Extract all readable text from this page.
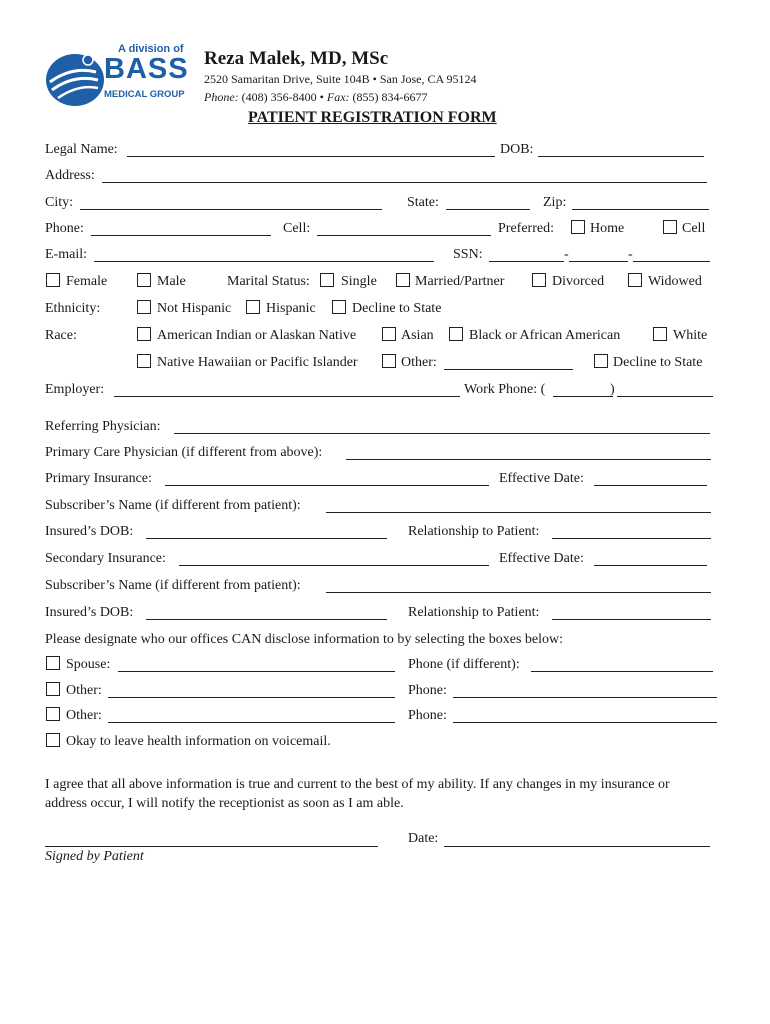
A division of
BASS
MEDICAL GROUP
Reza Malek, MD, MSc
2520 Samaritan Drive, Suite 104B • San Jose, CA 95124
Phone: (408) 356-8400 • Fax: (855) 834-6677
PATIENT REGISTRATION FORM
Legal Name:	DOB:
Address:
City:	State:	Zip:
Phone:	Cell:	Preferred:	Home	Cell
E-mail:	SSN:	-	-
Female	Male	Marital Status: Single	Married/Partner	Divorced	Widowed
Ethnicity:	Not Hispanic Hispanic	Decline to State
Race:	American Indian or Alaskan Native	Asian	Black or African American	White
Native Hawaiian or Pacific Islander	Other:	Decline to State
Employer:	Work Phone: (	)
Referring Physician:
Primary Care Physician (if different from above):
Primary Insurance:	Effective Date:
Subscriber’s Name (if different from patient):
Insured’s DOB:	Relationship to Patient:
Secondary Insurance:	Effective Date:
Subscriber’s Name (if different from patient):
Insured’s DOB:	Relationship to Patient:
Please designate who our offices CAN disclose information to by selecting the boxes below:
Spouse:	Phone (if different):
Other:	Phone:
Other:	Phone:
Okay to leave health information on voicemail.
I agree that all above information is true and current to the best of my ability. If any changes in my insurance or
address occur, I will notify the receptionist as soon as I am able.
Date:
Signed by Patient
